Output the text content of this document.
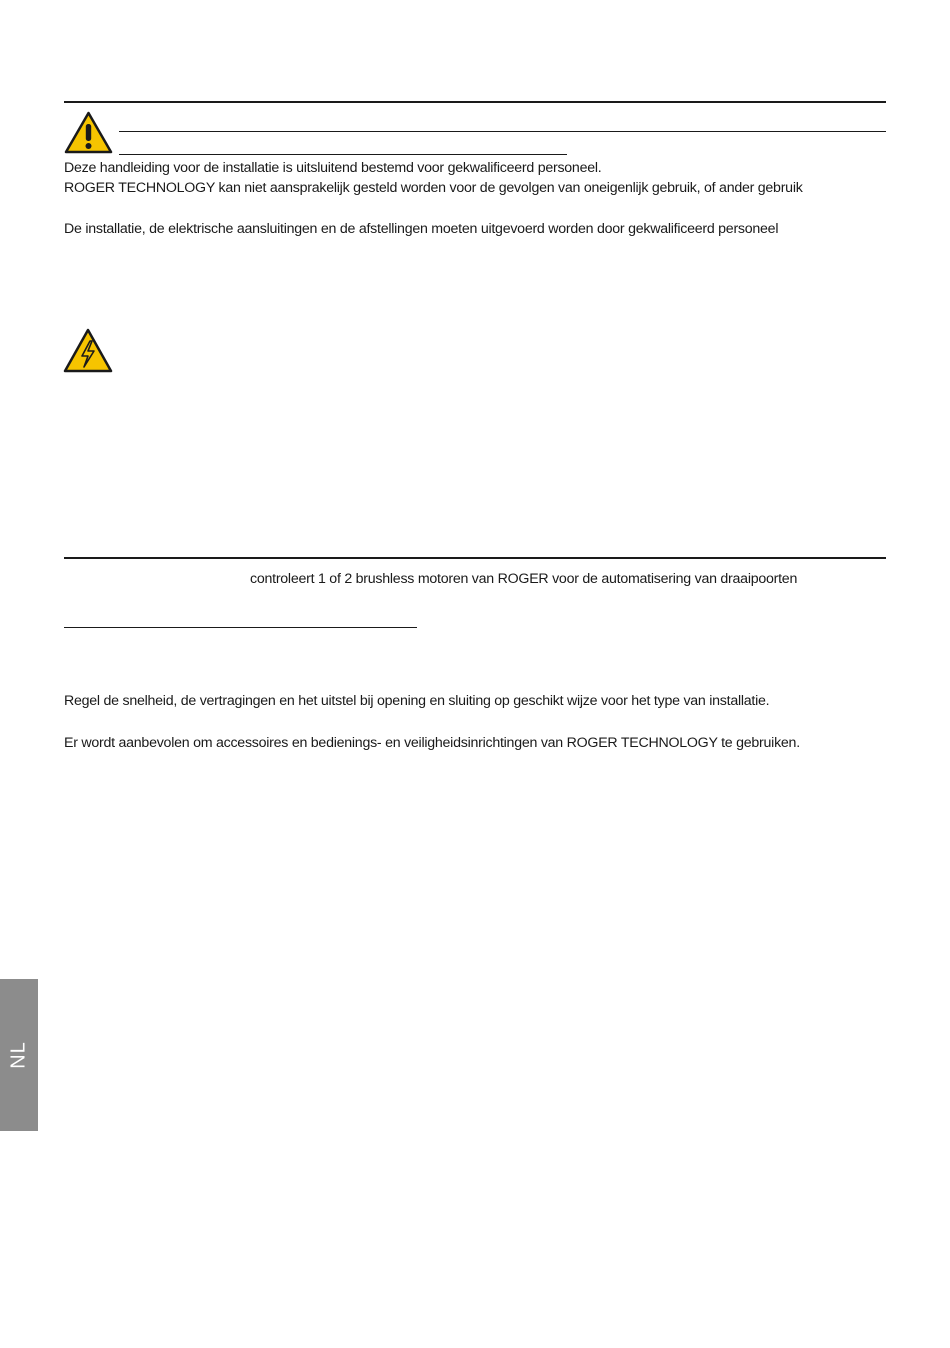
Deze handleiding voor de installatie is uitsluitend bestemd voor gekwalificeerd personeel.
ROGER TECHNOLOGY kan niet aansprakelijk gesteld worden voor de gevolgen van oneigenlijk gebruik, of ander gebruik
De installatie, de elektrische aansluitingen en de afstellingen moeten uitgevoerd worden door gekwalificeerd personeel
controleert 1 of 2 brushless motoren van ROGER voor de automatisering van draaipoorten
Regel de snelheid, de vertragingen en het uitstel bij opening en sluiting op geschikt wijze voor het type van installatie.
Er wordt aanbevolen om accessoires en bedienings- en veiligheidsinrichtingen van ROGER TECHNOLOGY te gebruiken.
NL
